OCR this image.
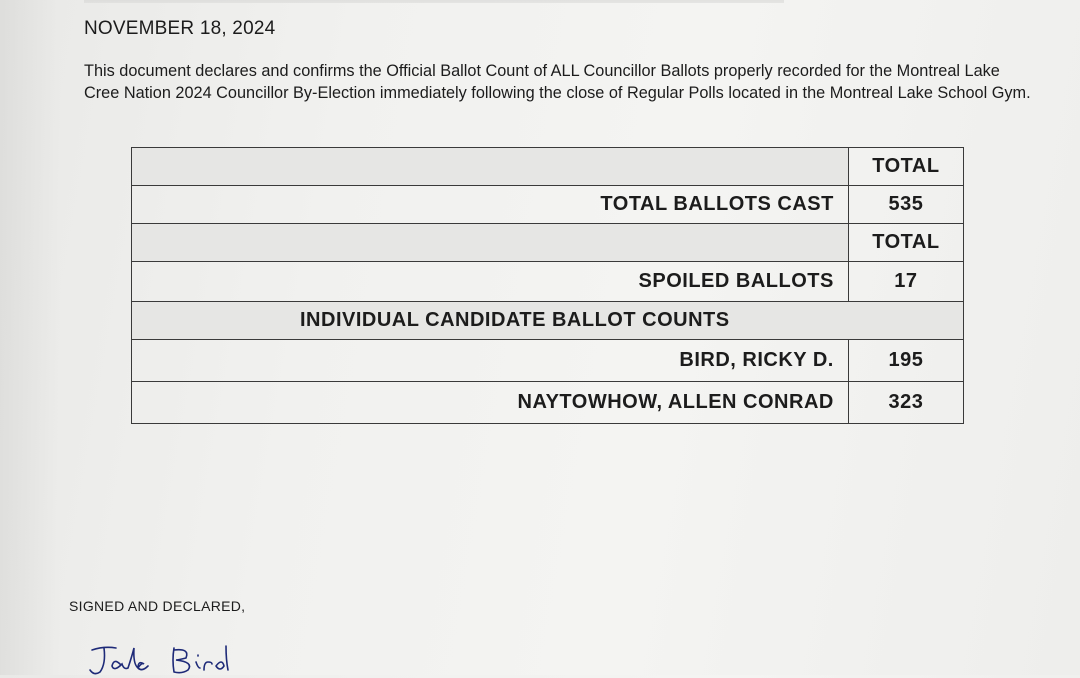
NOVEMBER 18, 2024

This document declares and confirms the Official Ballot Count of ALL Councillor Ballots properly recorded for the Montreal Lake Cree Nation 2024 Councillor By-Election immediately following the close of Regular Polls located in the Montreal Lake School Gym.

	TOTAL
TOTAL BALLOTS CAST	535
	TOTAL
SPOILED BALLOTS	17
INDIVIDUAL CANDIDATE BALLOT COUNTS	
BIRD, RICKY D.	195
NAYTOWHOW, ALLEN CONRAD	323
SIGNED AND DECLARED,
